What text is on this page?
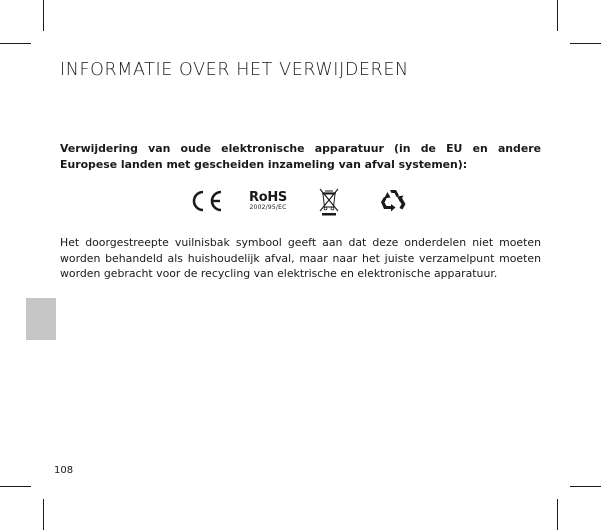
INFORMATIE OVER HET VERWIJDEREN
Verwijdering van oude elektronische apparatuur (in de EU en andere Europese landen met gescheiden inzameling van afval systemen):
RoHS
2002/95/EC
Het doorgestreepte vuilnisbak symbool geeft aan dat deze onderdelen niet moeten worden behandeld als huishoudelijk afval, maar naar het juiste verzamelpunt moeten worden gebracht voor de recycling van elektrische en elektronische apparatuur.
108
